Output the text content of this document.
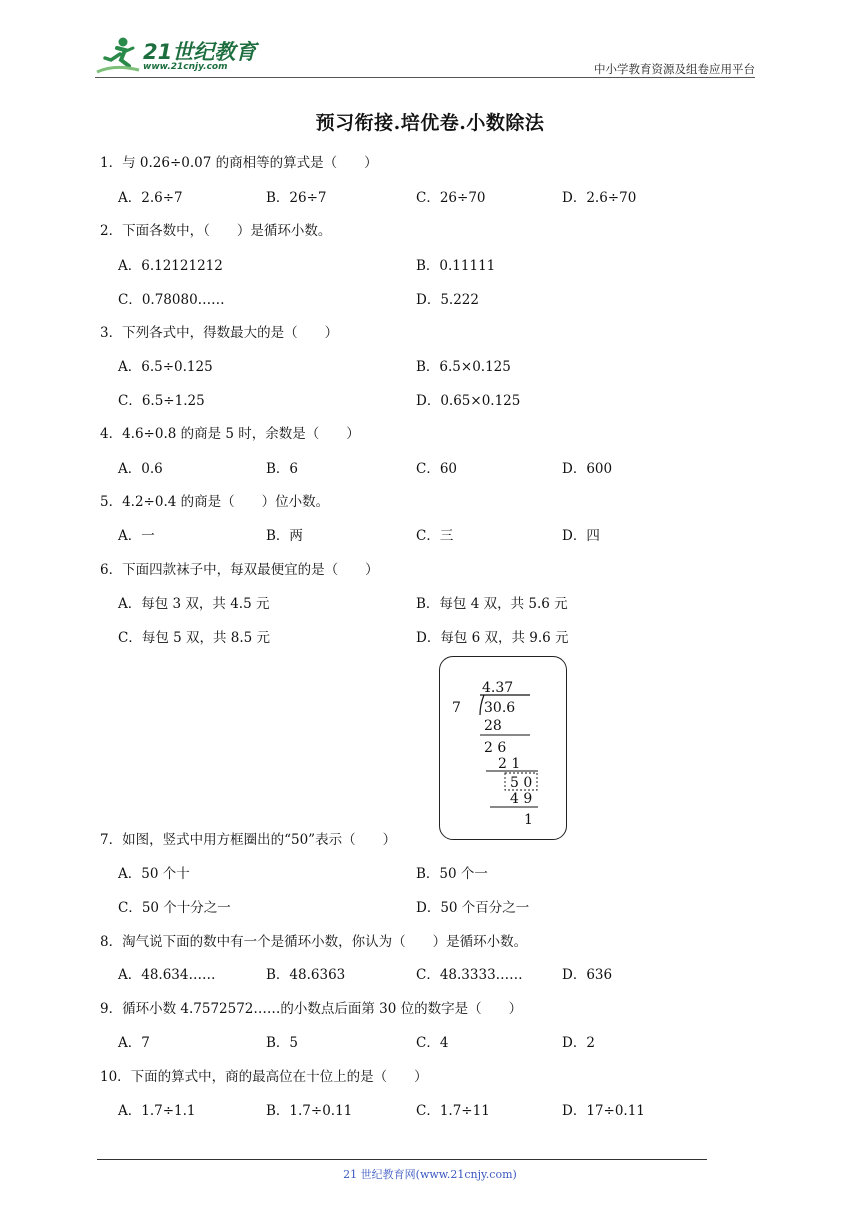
21世纪教育
www.21cnjy.com	中小学教育资源及组卷应用平台
预习衔接.培优卷.小数除法
1．与 0.26÷0.07 的商相等的算式是（　　）
A．2.6÷7	B．26÷7	C．26÷70	D．2.6÷70
2．下面各数中，（　　）是循环小数。
A．6.12121212	B．0.11111
C．0.78080……	D．5.222
3．下列各式中，得数最大的是（　　）
A．6.5÷0.125	B．6.5×0.125
C．6.5÷1.25	D．0.65×0.125
4．4.6÷0.8 的商是 5 时，余数是（　　）
A．0.6	B．6	C．60	D．600
5．4.2÷0.4 的商是（　　）位小数。
A．一	B．两	C．三	D．四
6．下面四款袜子中，每双最便宜的是（　　）
A．每包 3 双，共 4.5 元	B．每包 4 双，共 5.6 元
C．每包 5 双，共 8.5 元	D．每包 6 双，共 9.6 元
4.37
7 30.6
28
2 6
2 1
5 0
4 9
1
7．如图，竖式中用方框圈出的“50”表示（　　）
A．50 个十	B．50 个一
C．50 个十分之一	D．50 个百分之一
8．淘气说下面的数中有一个是循环小数，你认为（　　）是循环小数。
A．48.634……	B．48.6363	C．48.3333……	D．636
9．循环小数 4.7572572……的小数点后面第 30 位的数字是（　　）
A．7	B．5	C．4	D．2
10．下面的算式中，商的最高位在十位上的是（　　）
A．1.7÷1.1	B．1.7÷0.11	C．1.7÷11	D．17÷0.11
21 世纪教育网(www.21cnjy.com)
